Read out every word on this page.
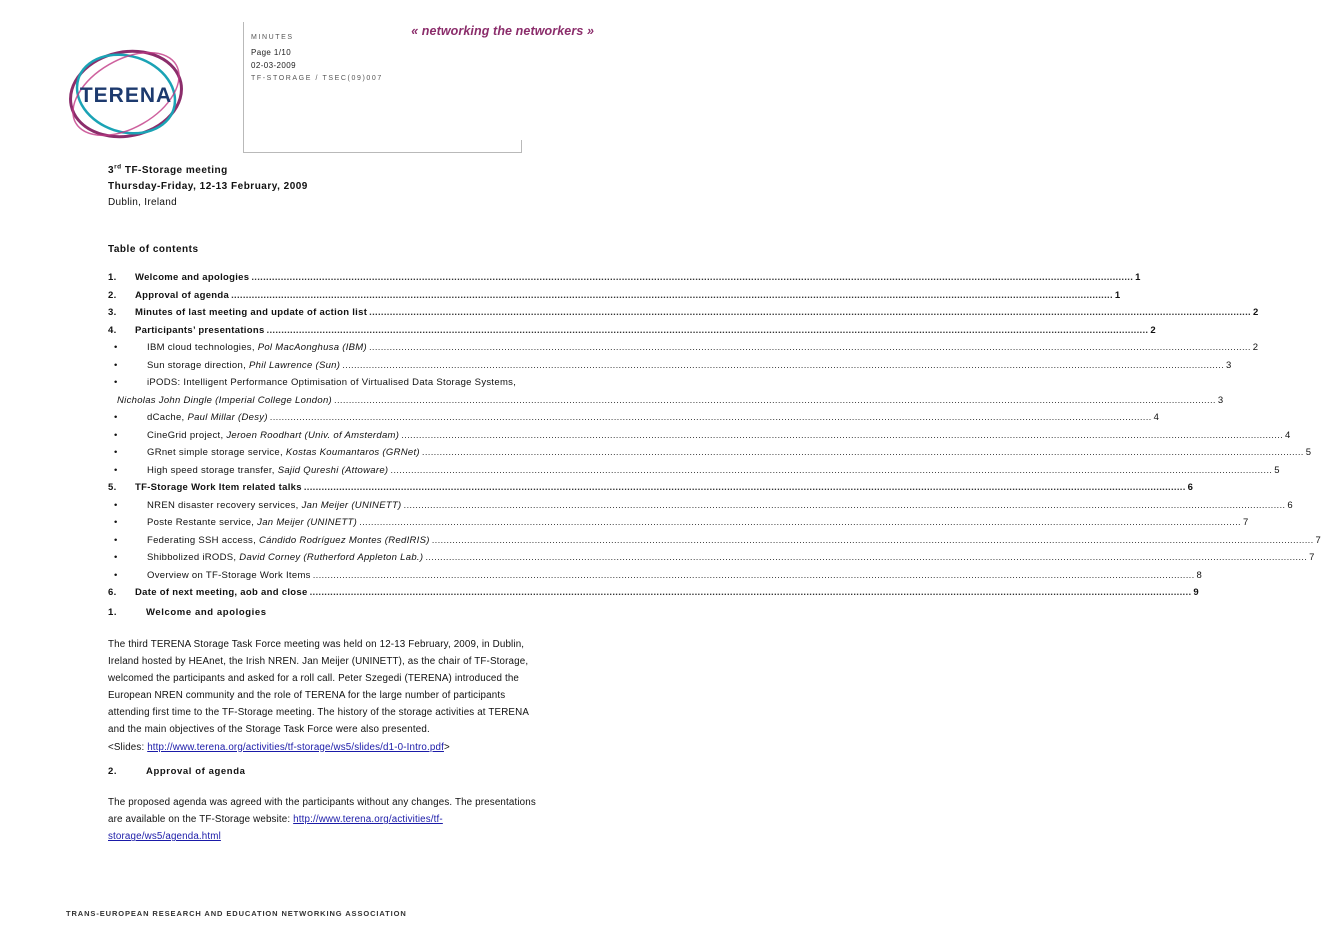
TERENA
MINUTES
Page 1/10
02-03-2009
TF-STORAGE / TSEC(09)007
« networking the networkers »
3rd TF-Storage meeting
Thursday-Friday, 12-13 February, 2009
Dublin, Ireland
Table of contents
1.	Welcome and apologies ............................................................................................................................................................................................................................................................................................................ 1
2.	Approval of agenda ............................................................................................................................................................................................................................................................................................................ 1
3.	Minutes of last meeting and update of action list ............................................................................................................................................................................................................................................................................................................ 2
4.	Participants’ presentations ............................................................................................................................................................................................................................................................................................................ 2
•	IBM cloud technologies, Pol MacAonghusa (IBM) ............................................................................................................................................................................................................................................................................................................ 2
•	Sun storage direction, Phil Lawrence (Sun) ............................................................................................................................................................................................................................................................................................................ 3
•	iPODS: Intelligent Performance Optimisation of Virtualised Data Storage Systems,
Nicholas John Dingle (Imperial College London) ............................................................................................................................................................................................................................................................................................................ 3
•	dCache, Paul Millar (Desy) ............................................................................................................................................................................................................................................................................................................ 4
•	CineGrid project, Jeroen Roodhart (Univ. of Amsterdam) ............................................................................................................................................................................................................................................................................................................ 4
•	GRnet simple storage service, Kostas Koumantaros (GRNet) ............................................................................................................................................................................................................................................................................................................ 5
•	High speed storage transfer, Sajid Qureshi (Attoware) ............................................................................................................................................................................................................................................................................................................ 5
5.	TF-Storage Work Item related talks ............................................................................................................................................................................................................................................................................................................ 6
•	NREN disaster recovery services, Jan Meijer (UNINETT) ............................................................................................................................................................................................................................................................................................................ 6
•	Poste Restante service, Jan Meijer (UNINETT) ............................................................................................................................................................................................................................................................................................................ 7
•	Federating SSH access, Cándido Rodríguez Montes (RedIRIS) ............................................................................................................................................................................................................................................................................................................ 7
•	Shibbolized iRODS, David Corney (Rutherford Appleton Lab.) ............................................................................................................................................................................................................................................................................................................ 7
•	Overview on TF-Storage Work Items ............................................................................................................................................................................................................................................................................................................ 8
6.	Date of next meeting, aob and close ............................................................................................................................................................................................................................................................................................................ 9
1.	Welcome and apologies

The third TERENA Storage Task Force meeting was held on 12-13 February, 2009, in Dublin,

Ireland hosted by HEAnet, the Irish NREN. Jan Meijer (UNINETT), as the chair of TF-Storage,

welcomed the participants and asked for a roll call. Peter Szegedi (TERENA) introduced the

European NREN community and the role of TERENA for the large number of participants

attending first time to the TF-Storage meeting. The history of the storage activities at TERENA

and the main objectives of the Storage Task Force were also presented.

<Slides: http://www.terena.org/activities/tf-storage/ws5/slides/d1-0-Intro.pdf>

2.	Approval of agenda

The proposed agenda was agreed with the participants without any changes. The presentations

are available on the TF-Storage website: http://www.terena.org/activities/tf-

storage/ws5/agenda.html

TRANS-EUROPEAN RESEARCH AND EDUCATION NETWORKING ASSOCIATION
